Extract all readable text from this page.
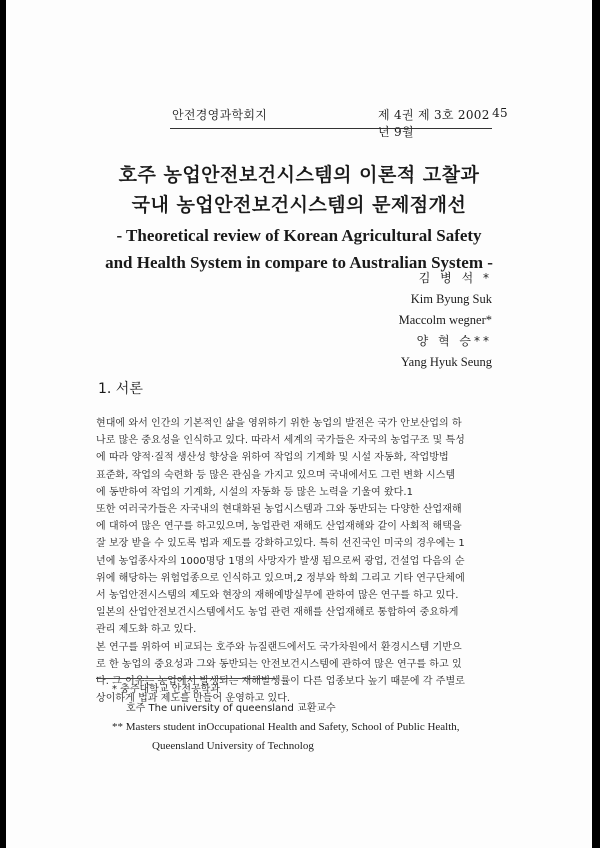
안전경영과학회지	제 4권 제 3호 2002년 9월
45
호주 농업안전보건시스템의 이론적 고찰과
국내 농업안전보건시스템의 문제점개선
- Theoretical review of Korean Agricultural Safety
and Health System in compare to Australian System -
김 병 석 *
Kim Byung Suk
Maccolm wegner*
양 혁 승**
Yang Hyuk Seung
1. 서론

현대에 와서 인간의 기본적인 삶을 영위하기 위한 농업의 발전은 국가 안보산업의 하

나로 많은 중요성을 인식하고 있다. 따라서 세계의 국가들은 자국의 농업구조 및 특성

에 따라 양적·질적 생산성 향상을 위하여 작업의 기계화 및 시설 자동화, 작업방법

표준화, 작업의 숙련화 등 많은 관심을 가지고 있으며 국내에서도 그런 변화 시스템

에 동반하여 작업의 기계화, 시설의 자동화 등 많은 노력을 기울여 왔다.1

또한 여러국가들은 자국내의 현대화된 농업시스템과 그와 동반되는 다양한 산업재해

에 대하여 많은 연구를 하고있으며, 농업관련 재해도 산업재해와 같이 사회적 해택을

잘 보장 받을 수 있도록 법과 제도를 강화하고있다. 특히 선진국인 미국의 경우에는 1

년에 농업종사자의 1000명당 1명의 사망자가 발생 됨으로써 광업, 건설업 다음의 순

위에 해당하는 위험업종으로 인식하고 있으며,2 정부와 학회 그리고 기타 연구단체에

서 농업안전시스템의 제도와 현장의 재해예방실무에 관하여 많은 연구를 하고 있다.

일본의 산업안전보건시스템에서도 농업 관련 재해를 산업재해로 통합하여 중요하게

관리 제도화 하고 있다.

본 연구를 위하여 비교되는 호주와 뉴질랜드에서도 국가차원에서 환경시스템 기반으

로 한 농업의 중요성과 그와 동반되는 안전보건시스템에 관하여 많은 연구를 하고 있

다. 그 이유는 농업에서 발생되는 재해발생률이 다른 업종보다 높기 때문에 각 주별로

상이하게 법과 제도를 만들어 운영하고 있다.

* 충주대학교 안전공학과
호주 The university of queensland 교환교수
** Masters student inOccupational Health and Safety, School of Public Health,
Queensland University of Technolog
